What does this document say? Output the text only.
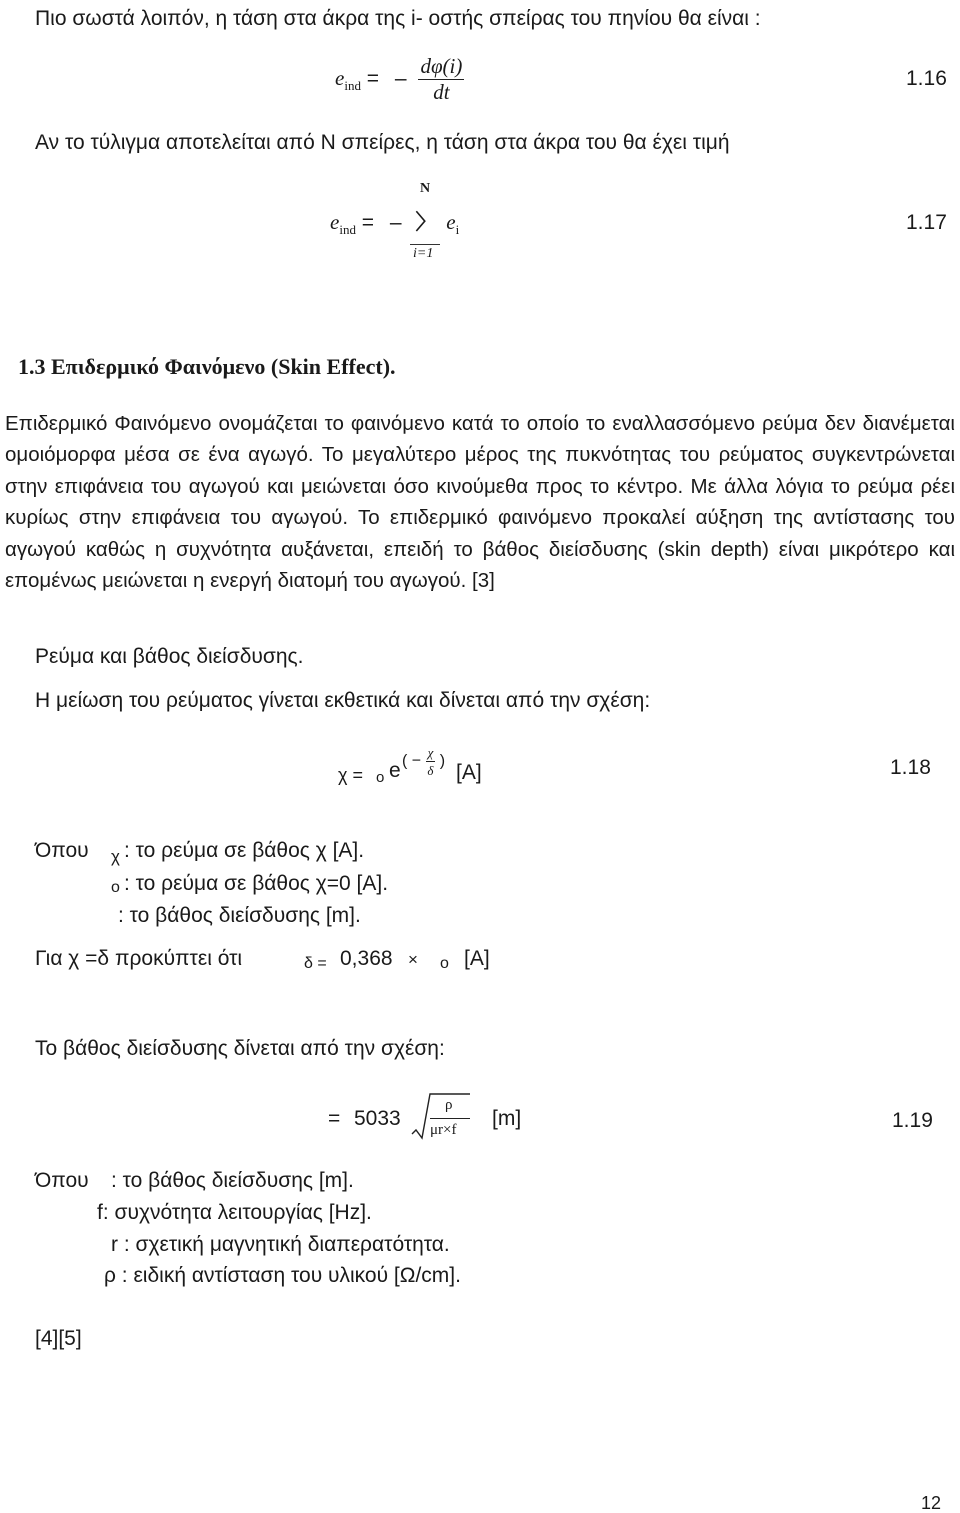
Πιο σωστά λοιπόν, η τάση στα άκρα της i- οστής σπείρας του πηνίου θα είναι :
$e_{ind}$ = – $\frac{d\varphi(i)}{dt}$	1.16
Αν το τύλιγμα αποτελείται από Ν σπείρες, η τάση στα άκρα του θα έχει τιμή
N
$e_{ind}$ = – 〉 $e_i$
i=1
1.17
1.3 Επιδερμικό Φαινόμενο (Skin Effect).

Επιδερμικό Φαινόμενο ονομάζεται το φαινόμενο κατά το οποίο το εναλλασσόμενο ρεύμα δεν διανέμεται ομοιόμορφα μέσα σε ένα αγωγό. Το μεγαλύτερο μέρος της πυκνότητας του ρεύματος συγκεντρώνεται στην επιφάνεια του αγωγού και μειώνεται όσο κινούμεθα προς το κέντρο. Με άλλα λόγια το ρεύμα ρέει κυρίως στην επιφάνεια του αγωγού. Το επιδερμικό φαινόμενο προκαλεί αύξηση της αντίστασης του αγωγού καθώς η συχνότητα αυξάνεται, επειδή το βάθος διείσδυσης (skin depth) είναι μικρότερο και επομένως μειώνεται η ενεργή διατομή του αγωγού. [3]

Ρεύμα και βάθος διείσδυσης.
Η μείωση του ρεύματος γίνεται εκθετικά και δίνεται από την σχέση:
χ = ο e ( − $\frac{\chi}{\delta}$ ) [A]	1.18
Όπου χ : το ρεύμα σε βάθος χ [A].
ο : το ρεύμα σε βάθος χ=0 [A].
: το βάθος διείσδυσης [m].
Για χ =δ προκύπτει ότι	δ = 0,368 × ο [A]
Το βάθος διείσδυσης δίνεται από την σχέση:
= 5033
ρ
μr×f [m]	1.19
Όπου : το βάθος διείσδυσης [m].
f: συχνότητα λειτουργίας [Hz].
r : σχετική μαγνητική διαπερατότητα.
ρ : ειδική αντίσταση του υλικού [Ω/cm].
[4][5]
12
